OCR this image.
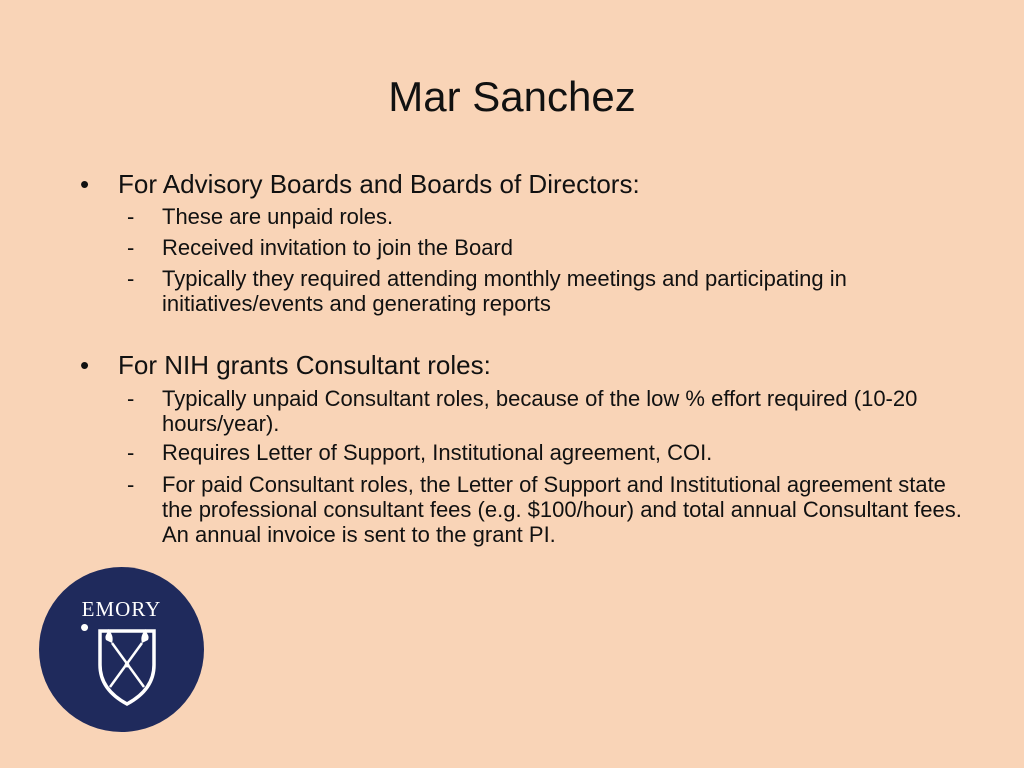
Mar Sanchez
• For Advisory Boards and Boards of Directors:
- These are unpaid roles.
- Received invitation to join the Board
- Typically they required attending monthly meetings and participating in initiatives/events and generating reports
• For NIH grants Consultant roles:
- Typically unpaid Consultant roles, because of the low % effort required (10-20 hours/year).
- Requires Letter of Support, Institutional agreement, COI.
- For paid Consultant roles, the Letter of Support and Institutional agreement state the professional consultant fees (e.g. $100/hour) and total annual Consultant fees. An annual invoice is sent to the grant PI.
EMORY
•
